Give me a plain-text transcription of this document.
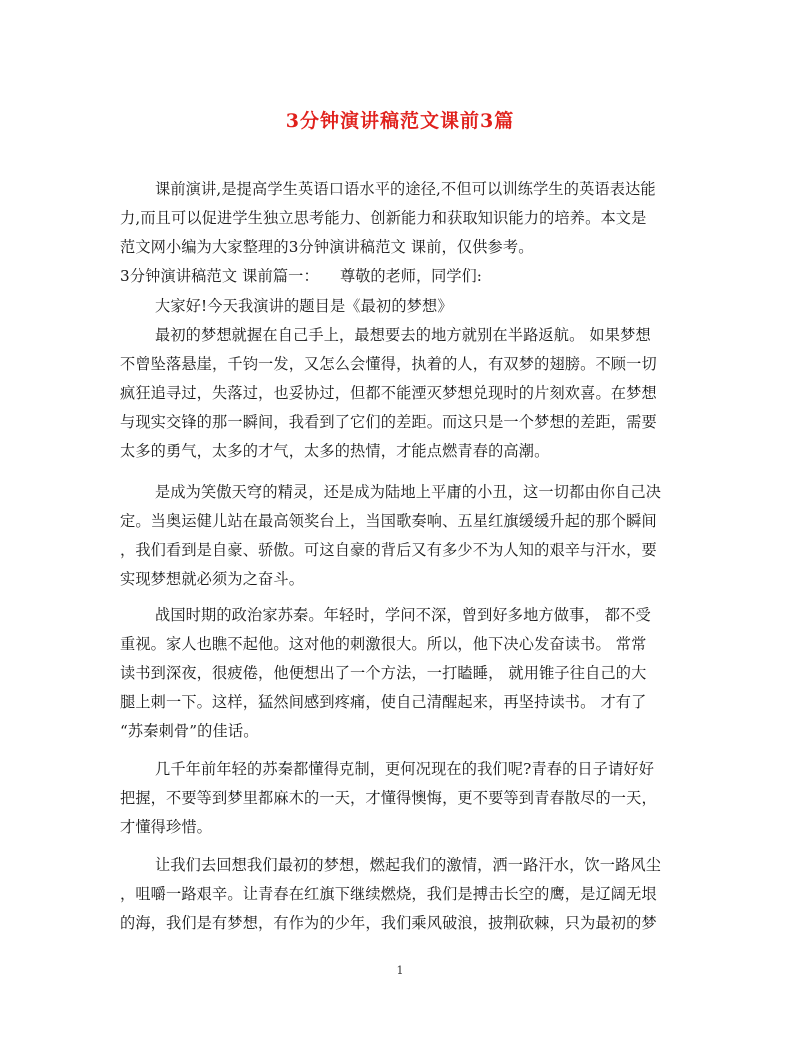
3分钟演讲稿范文课前3篇
课前演讲,是提高学生英语口语水平的途径,不但可以训练学生的英语表达能
力,而且可以促进学生独立思考能力、创新能力和获取知识能力的培养。本文是
范文网小编为大家整理的3分钟演讲稿范文 课前，仅供参考。
3分钟演讲稿范文 课前篇一： 尊敬的老师，同学们:
大家好!今天我演讲的题目是《最初的梦想》
最初的梦想就握在自己手上，最想要去的地方就别在半路返航。 如果梦想
不曾坠落悬崖，千钧一发，又怎么会懂得，执着的人，有双梦的翅膀。不顾一切
疯狂追寻过，失落过，也妥协过，但都不能湮灭梦想兑现时的片刻欢喜。在梦想
与现实交锋的那一瞬间，我看到了它们的差距。而这只是一个梦想的差距，需要
太多的勇气，太多的才气，太多的热情，才能点燃青春的高潮。
是成为笑傲天穹的精灵，还是成为陆地上平庸的小丑，这一切都由你自己决
定。当奥运健儿站在最高领奖台上，当国歌奏响、五星红旗缓缓升起的那个瞬间
，我们看到是自豪、骄傲。可这自豪的背后又有多少不为人知的艰辛与汗水，要
实现梦想就必须为之奋斗。
战国时期的政治家苏秦。年轻时，学问不深，曾到好多地方做事， 都不受
重视。家人也瞧不起他。这对他的刺激很大。所以，他下决心发奋读书。 常常
读书到深夜，很疲倦，他便想出了一个方法，一打瞌睡， 就用锥子往自己的大
腿上刺一下。这样，猛然间感到疼痛，使自己清醒起来，再坚持读书。 才有了
“苏秦刺骨”的佳话。
几千年前年轻的苏秦都懂得克制，更何况现在的我们呢?青春的日子请好好
把握，不要等到梦里都麻木的一天，才懂得懊悔，更不要等到青春散尽的一天，
才懂得珍惜。
让我们去回想我们最初的梦想，燃起我们的激情，洒一路汗水，饮一路风尘
，咀嚼一路艰辛。让青春在红旗下继续燃烧，我们是搏击长空的鹰，是辽阔无垠
的海，我们是有梦想，有作为的少年，我们乘风破浪，披荆砍棘，只为最初的梦
1
